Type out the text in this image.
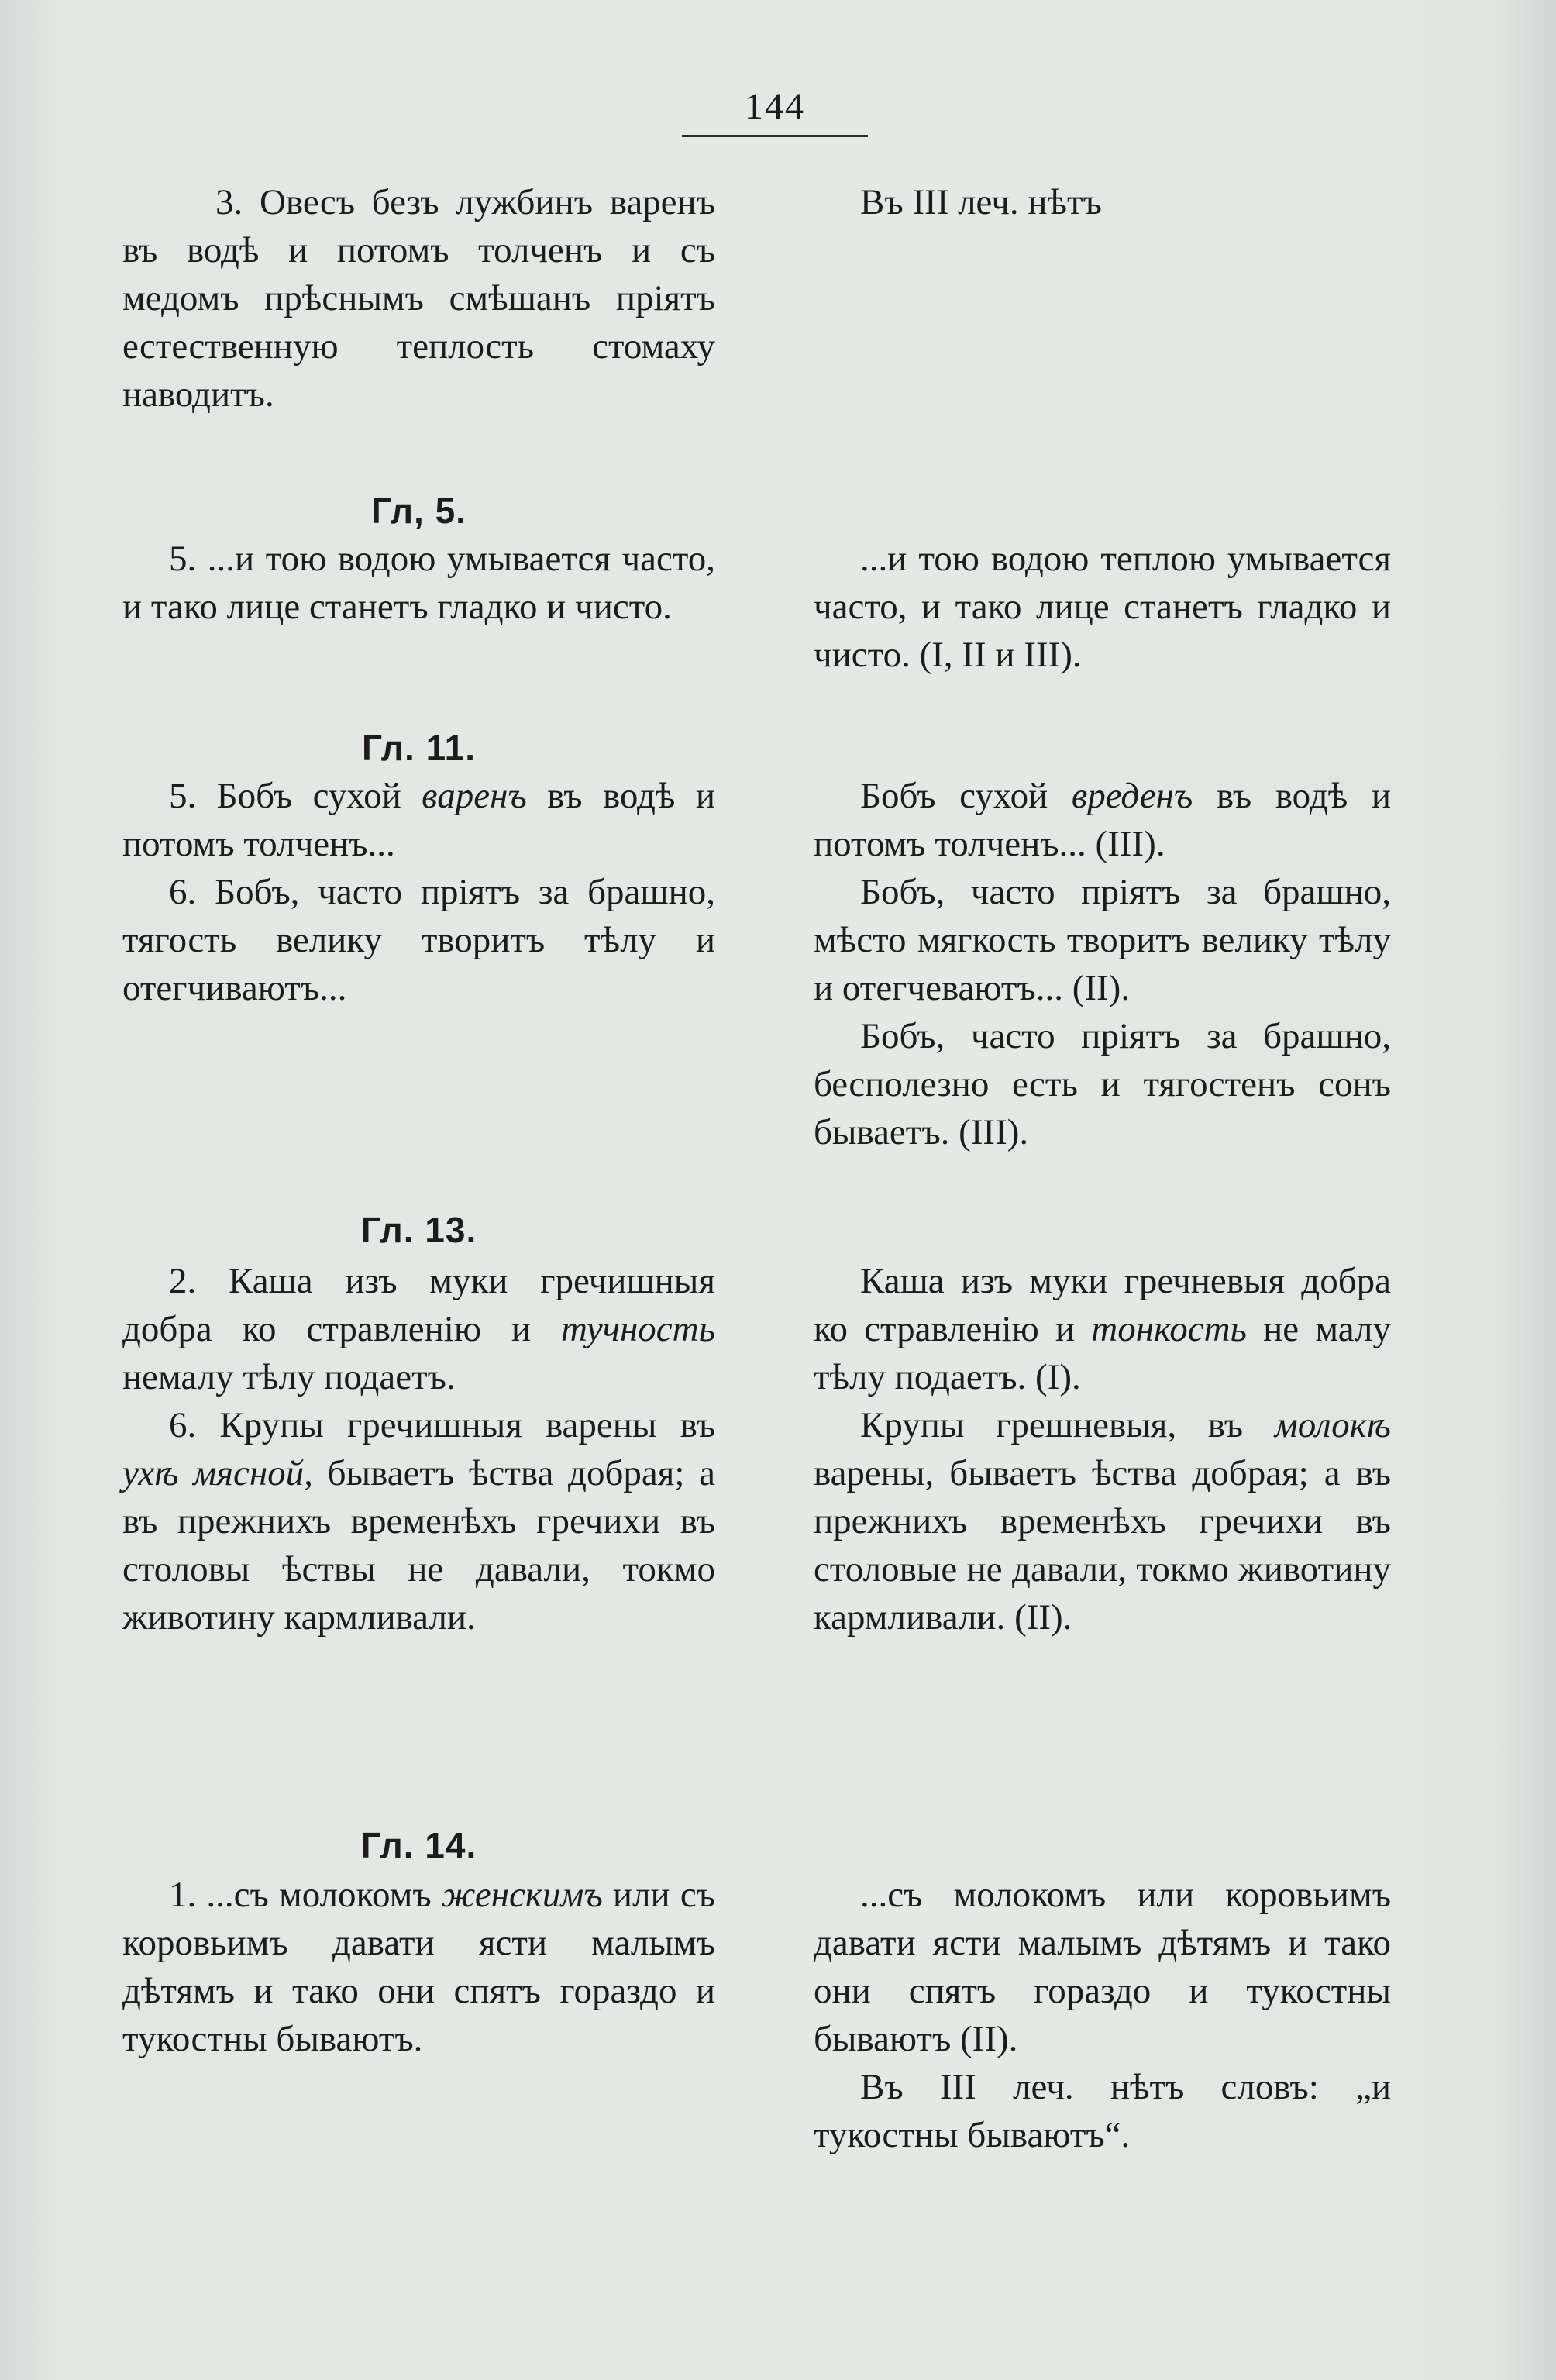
144

3. Овесъ безъ лужбинъ варенъ въ водѣ и потомъ толченъ и съ медомъ прѣснымъ смѣшанъ пріятъ естественную теплость стомаху наводитъ.

Гл, 5.

5. ...и тою водою умывается часто, и тако лице станетъ гладко и чисто.

Гл. 11.

5. Бобъ сухой варенъ въ водѣ и потомъ толченъ...

6. Бобъ, часто пріятъ за брашно, тягость велику творитъ тѣлу и отегчиваютъ...

Гл. 13.

2. Каша изъ муки гречишныя добра ко стравленію и тучность немалу тѣлу подаетъ.

6. Крупы гречишныя варены въ ухѣ мясной, бываетъ ѣства добрая; а въ прежнихъ временѣхъ гречихи въ столовы ѣствы не давали, токмо животину кармливали.

Гл. 14.

1. ...съ молокомъ женскимъ или съ коровьимъ давати ясти малымъ дѣтямъ и тако они спятъ гораздо и тукостны бываютъ.

Въ III леч. нѣтъ

...и тою водою теплою умывается часто, и тако лице станетъ гладко и чисто. (I, II и III).

Бобъ сухой вреденъ въ водѣ и потомъ толченъ... (III).

Бобъ, часто пріятъ за брашно, мѣсто мягкость творитъ велику тѣлу и отегчеваютъ... (II).

Бобъ, часто пріятъ за брашно, бесполезно есть и тягостенъ сонъ бываетъ. (III).

Каша изъ муки гречневыя добра ко стравленію и тонкость не малу тѣлу подаетъ. (I).

Крупы грешневыя, въ молокѣ варены, бываетъ ѣства добрая; а въ прежнихъ временѣхъ гречихи въ столовые не давали, токмо животину кармливали. (II).

...съ молокомъ или коровьимъ давати ясти малымъ дѣтямъ и тако они спятъ гораздо и тукостны бываютъ (II).

Въ III леч. нѣтъ словъ: „и тукостны бываютъ“.
